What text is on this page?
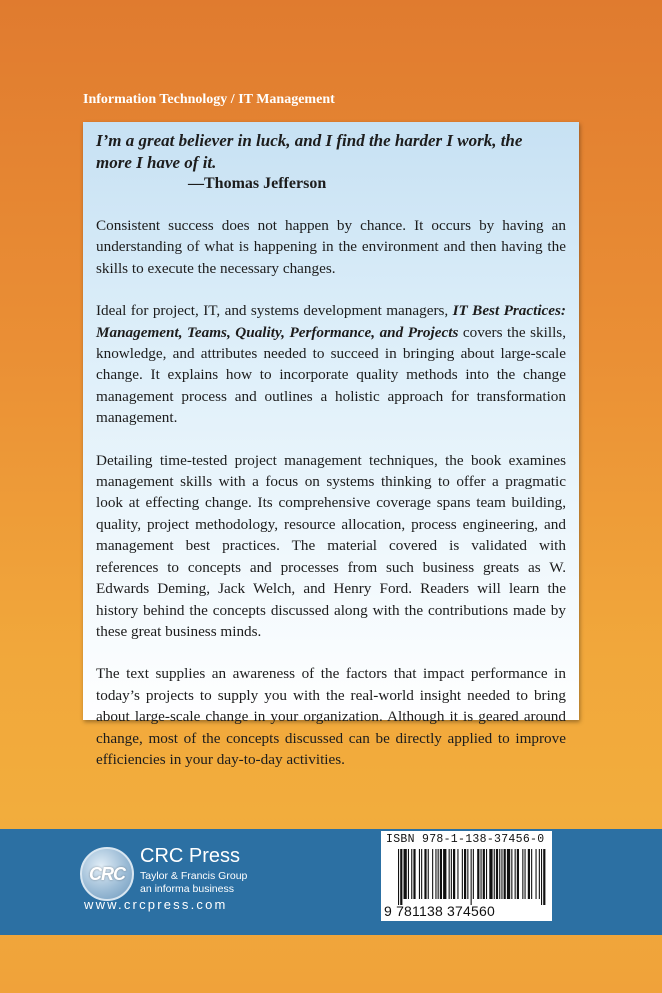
Information Technology / IT Management

I’m a great believer in luck, and I find the harder I work, the
more I have of it.

—Thomas Jefferson

Consistent success does not happen by chance. It occurs by having an understanding of what is happening in the environment and then having the skills to execute the necessary changes.

Ideal for project, IT, and systems development managers, IT Best Practices: Management, Teams, Quality, Performance, and Projects covers the skills, knowledge, and attributes needed to succeed in bringing about large-scale change. It explains how to incorporate quality methods into the change management process and outlines a holistic approach for transformation management.

Detailing time-tested project management techniques, the book examines management skills with a focus on systems thinking to offer a pragmatic look at effecting change. Its comprehensive coverage spans team building, quality, project methodology, resource allocation, process engineering, and management best practices. The material covered is validated with references to concepts and processes from such business greats as W. Edwards Deming, Jack Welch, and Henry Ford. Readers will learn the history behind the concepts discussed along with the contributions made by these great business minds.

The text supplies an awareness of the factors that impact performance in today’s projects to supply you with the real-world insight needed to bring about large-scale change in your organization. Although it is geared around change, most of the concepts discussed can be directly applied to improve efficiencies in your day-to-day activities.

CRC
CRC Press
Taylor & Francis Group
an informa business
www.crcpress.com
ISBN 978-1-138-37456-0
9 781138 374560
